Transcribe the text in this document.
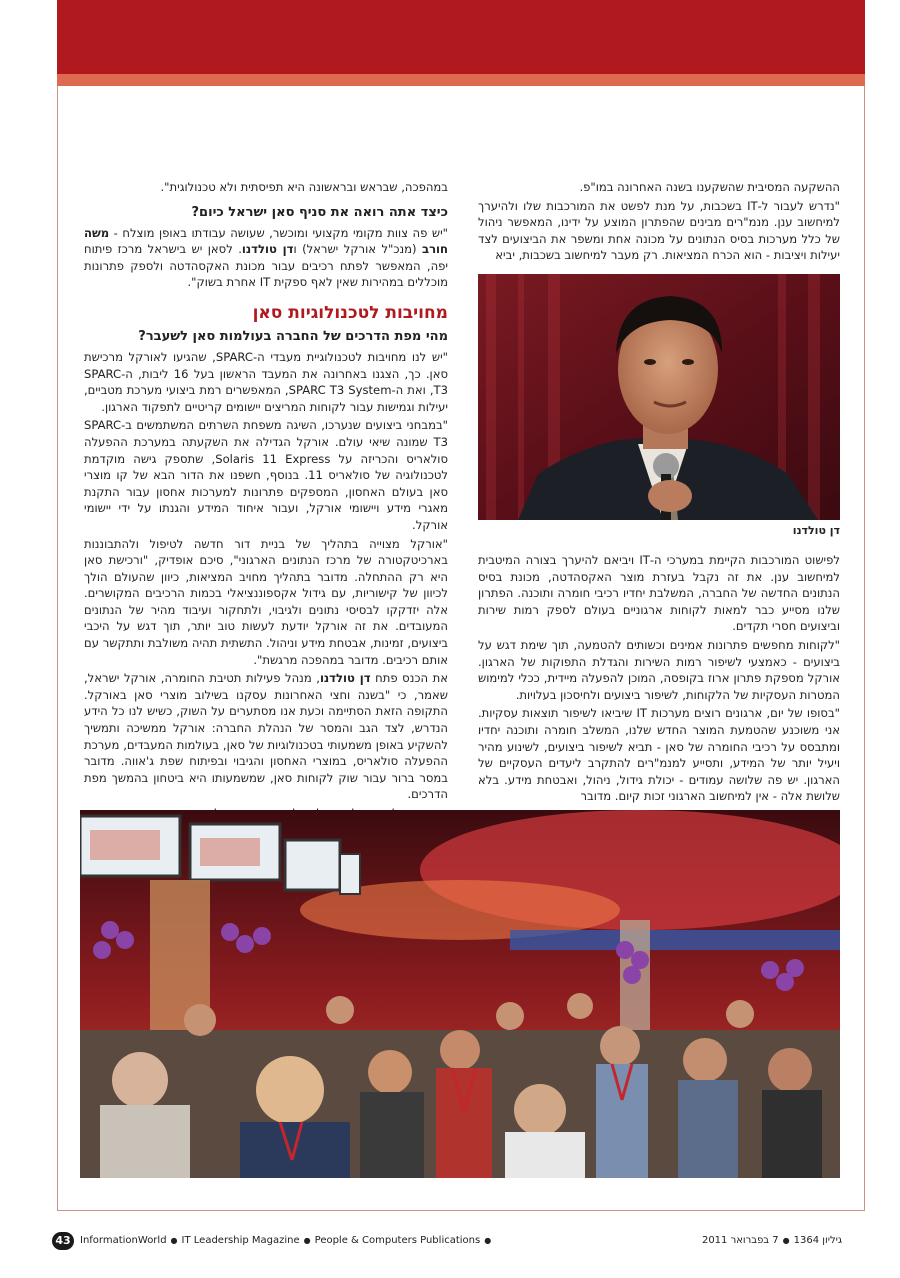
ההשקעה המסיבית שהשקענו בשנה האחרונה במו"פ.

"נדרש לעבור ל-IT בשכבות, על מנת לפשט את המורכבות שלו ולהיערך למיחשוב ענן. מנמ"רים מבינים שהפתרון המוצע על ידינו, המאפשר ניהול של כלל מערכות בסיס הנתונים על מכונה אחת ומשפר את הביצועים לצד יעילות ויציבות - הוא הכרח המציאות. רק מעבר למיחשוב בשכבות, יביא

דן טולדנו

לפישוט המורכבות הקיימת במערכי ה-IT ויביאם להיערך בצורה המיטבית למיחשוב ענן. את זה נקבל בעזרת מוצר האקסהדטה, מכונת בסיס הנתונים החדשה של החברה, המשלבת יחדיו רכיבי חומרה ותוכנה. הפתרון שלנו מסייע כבר למאות לקוחות ארגוניים בעולם לספק רמות שירות וביצועים חסרי תקדים.

"לקוחות מחפשים פתרונות אמינים וכשותים להטמעה, תוך שימת דגש על ביצועים - כאמצעי לשיפור רמות השירות והגדלת התפוקות של הארגון. אורקל מספקת פתרון ארוז בקופסה, המוכן להפעלה מיידית, ככלי למימוש המטרות העסקיות של הלקוחות, לשיפור ביצועים ולחיסכון בעלויות.

"בסופו של יום, ארגונים רוצים מערכות IT שיביאו לשיפור תוצאות עסקיות. אני משוכנע שהטמעת המוצר החדש שלנו, המשלב חומרה ותוכנה יחדיו ומתבסס על רכיבי החומרה של סאן - תביא לשיפור ביצועים, לשינוע מהיר ויעיל יותר של המידע, ותסייע למנמ"רים להתקרב ליעדים העסקיים של הארגון. יש פה שלושה עמודים - יכולת גידול, ניהול, ואבטחת מידע. בלא שלושת אלה - אין למיחשוב הארגוני זכות קיום. מדובר

במהפכה, שבראש ובראשונה היא תפיסתית ולא טכנולוגית".

כיצד אתה רואה את סניף סאן ישראל כיום?

"יש פה צוות מקומי מקצועי ומוכשר, שעושה עבודתו באופן מוצלח - משה חורב (מנכ"ל אורקל ישראל) ודן טולדנו. לסאן יש בישראל מרכז פיתוח יפה, המאפשר לפתח רכיבים עבור מכונת האקסהדטה ולספק פתרונות מוכללים במהירות שאין לאף ספקית IT אחרת בשוק".

מחויבות לטכנולוגיות סאן
מהי מפת הדרכים של החברה בעולמות סאן לשעבר?

"יש לנו מחויבות לטכנולוגיית מעבדי ה-SPARC, שהגיעו לאורקל מרכישת סאן. כך, הצגנו באחרונה את המעבד הראשון בעל 16 ליבות, ה-SPARC T3, ואת ה-SPARC T3 System, המאפשרים רמת ביצועי מערכת מטביים, יעילות וגמישות עבור לקוחות המריצים יישומים קריטיים לתפקוד הארגון.

"במבחני ביצועים שנערכו, השיגה משפחת השרתים המשתמשים ב-SPARC T3 שמונה שיאי עולם. אורקל הגדילה את השקעתה במערכת ההפעלה סולאריס והכריזה על Solaris 11 Express, שתספק גישה מוקדמת לטכנולוגיה של סולאריס 11. בנוסף, חשפנו את הדור הבא של קו מוצרי סאן בעולם האחסון, המספקים פתרונות למערכות אחסון עבור התקנת מאגרי מידע ויישומי אורקל, ועבור איחוד המידע והגנתו על ידי יישומי אורקל.

"אורקל מצוייה בתהליך של בניית דור חדשה לטיפול ולהתבוננות בארכיטקטורה של מרכז הנתונים הארגוני", סיכם אופדיק, "ורכישת סאן היא רק ההתחלה. מדובר בתהליך מחויב המציאות, כיוון שהעולם הולך לכיוון של קישוריות, עם גידול אקספוננציאלי בכמות הרכיבים המקושרים. אלה יזדקקו לבסיסי נתונים ולגיבוי, ולתחקור ועיבוד מהיר של הנתונים המעובדים. את זה אורקל יודעת לעשות טוב יותר, תוך דגש על היכבי ביצועים, זמינות, אבטחת מידע וניהול. התשתית תהיה משולבת ותתקשר עם אותם רכיבים. מדובר במהפכה מרגשת".

את הכנס פתח דן טולדנו, מנהל פעילות תטיבת החומרה, אורקל ישראל, שאמר, כי "בשנה וחצי האחרונות עסקנו בשילוב מוצרי סאן באורקל. התקופה הזאת הסתיימה וכעת אנו מסתערים על השוק, כשיש לנו כל הידע הנדרש, לצד הגב והמסר של הנהלת החברה: אורקל ממשיכה ותמשיך להשקיע באופן משמעותי בטכנולוגיות של סאן, בעולמות המעבדים, מערכת ההפעלה סולאריס, במוצרי האחסון והגיבוי ובפיתוח שפת ג'אווה. מדובר במסר ברור עבור שוק לקוחות סאן, שמשמעותו היא ביטחון בהמשך מפת הדרכים.

43 InformationWorld ● IT Leadership Magazine ● People & Computers Publications ●	גיליון 1364●7 בפברואר 2011
